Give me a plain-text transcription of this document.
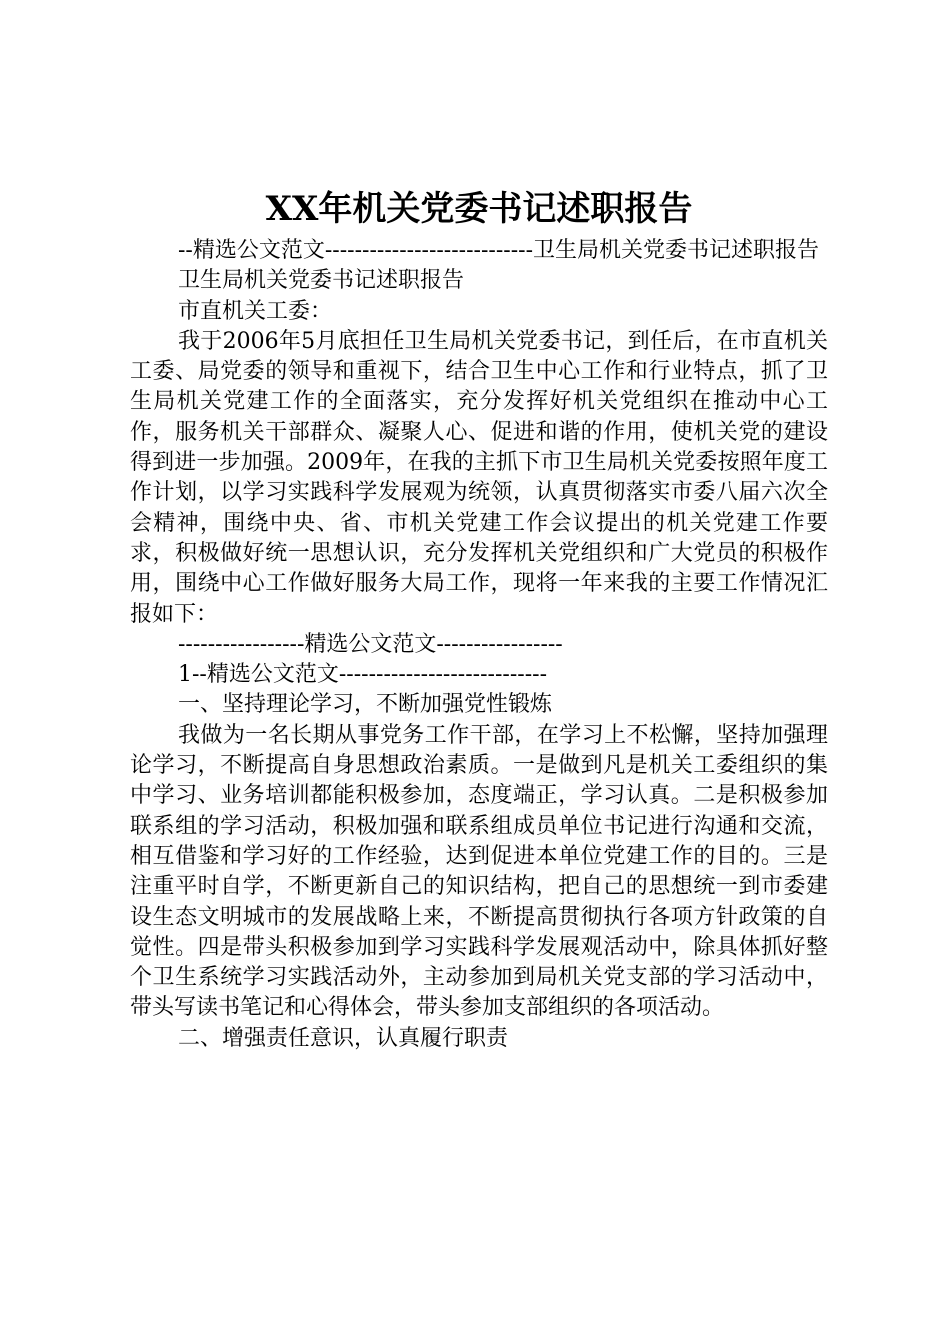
XX年机关党委书记述职报告

--精选公文范文----------------------------卫生局机关党委书记述职报告

卫生局机关党委书记述职报告

市直机关工委：

我于2006年5月底担任卫生局机关党委书记，到任后，在市直机关工委、局党委的领导和重视下，结合卫生中心工作和行业特点，抓了卫生局机关党建工作的全面落实，充分发挥好机关党组织在推动中心工作，服务机关干部群众、凝聚人心、促进和谐的作用，使机关党的建设得到进一步加强。2009年，在我的主抓下市卫生局机关党委按照年度工作计划，以学习实践科学发展观为统领，认真贯彻落实市委八届六次全会精神，围绕中央、省、市机关党建工作会议提出的机关党建工作要求，积极做好统一思想认识，充分发挥机关党组织和广大党员的积极作用，围绕中心工作做好服务大局工作，现将一年来我的主要工作情况汇报如下：

-----------------精选公文范文-----------------

1--精选公文范文----------------------------

一、坚持理论学习，不断加强党性锻炼

我做为一名长期从事党务工作干部，在学习上不松懈，坚持加强理论学习，不断提高自身思想政治素质。一是做到凡是机关工委组织的集中学习、业务培训都能积极参加，态度端正，学习认真。二是积极参加联系组的学习活动，积极加强和联系组成员单位书记进行沟通和交流，相互借鉴和学习好的工作经验，达到促进本单位党建工作的目的。三是注重平时自学，不断更新自己的知识结构，把自己的思想统一到市委建设生态文明城市的发展战略上来，不断提高贯彻执行各项方针政策的自觉性。四是带头积极参加到学习实践科学发展观活动中，除具体抓好整个卫生系统学习实践活动外，主动参加到局机关党支部的学习活动中，带头写读书笔记和心得体会，带头参加支部组织的各项活动。

二、增强责任意识，认真履行职责
